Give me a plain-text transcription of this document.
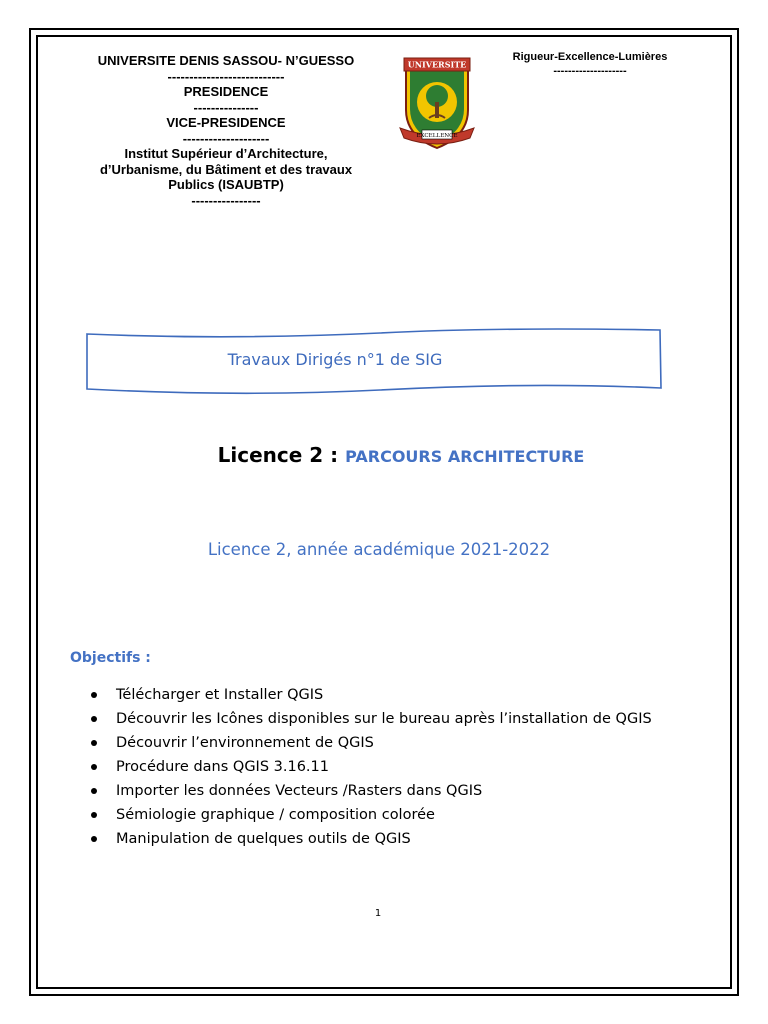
UNIVERSITE DENIS SASSOU- N’GUESSO
---------------------------
PRESIDENCE
---------------
VICE-PRESIDENCE
--------------------
Institut Supérieur d’Architecture,
d’Urbanisme, du Bâtiment et des travaux
Publics (ISAUBTP)
----------------
UNIVERSITE
EXCELLENCE
Rigueur-Excellence-Lumières
--------------------
Travaux Dirigés n°1 de SIG
Licence 2 : PARCOURS ARCHITECTURE
Licence 2, année académique 2021-2022
Objectifs :
Télécharger et Installer QGIS
Découvrir les Icônes disponibles sur le bureau après l’installation de QGIS
Découvrir l’environnement de QGIS
Procédure dans QGIS 3.16.11
Importer les données Vecteurs /Rasters dans QGIS
Sémiologie graphique / composition colorée
Manipulation de quelques outils de QGIS
1
